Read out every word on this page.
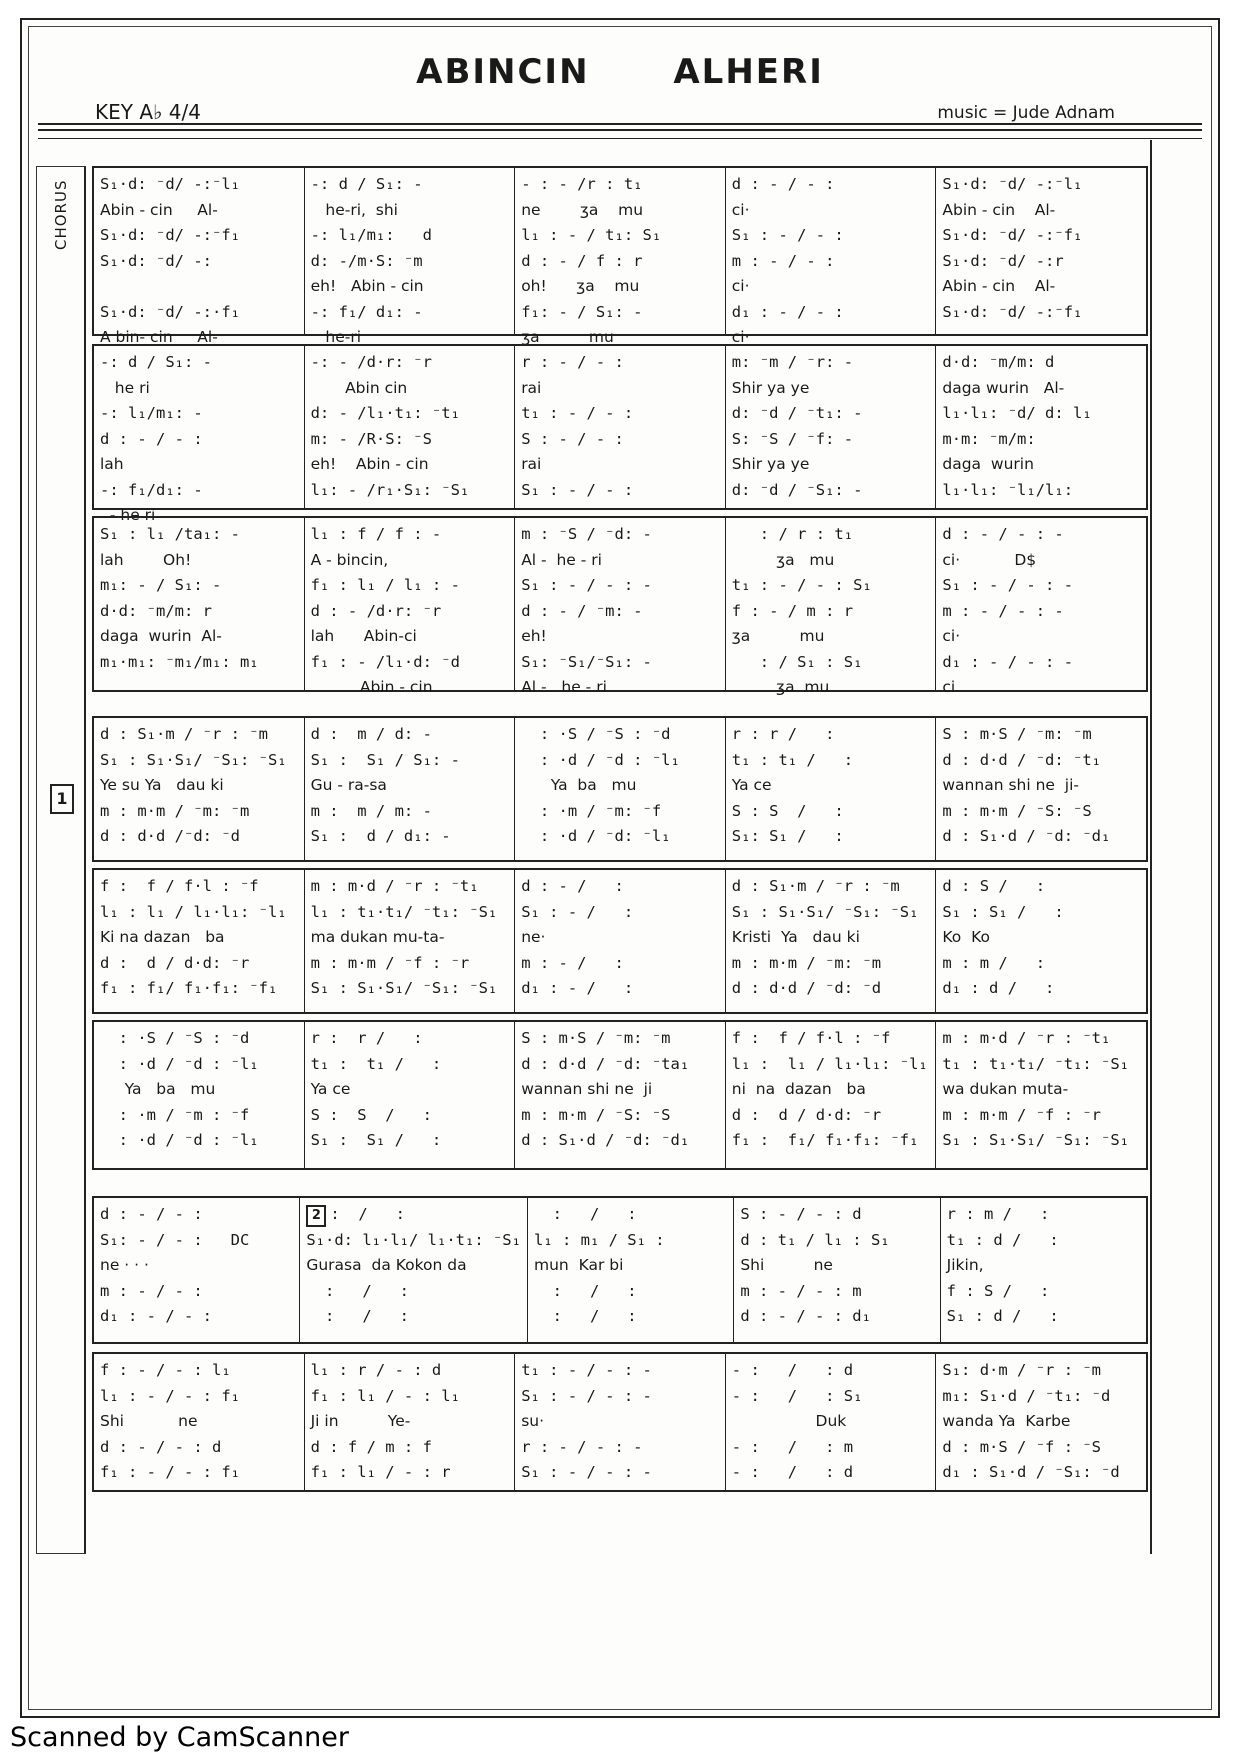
ABINCIN ALHERI
KEY A♭ 4/4	music = Jude Adnam
CHORUS
1
S₁·d: ⁻d/ -:⁻l₁
Abin - cin     Al-
S₁·d: ⁻d/ -:⁻f₁
S₁·d: ⁻d/ -:
S₁·d: ⁻d/ -:·f₁
A bin- cin     Al-
-: d / S₁: -
he-ri,  shi
-: l₁/m₁:   d
d: -/m·S: ⁻m
eh!   Abin - cin
-: f₁/ d₁: -
he-ri
- : - /r : t₁
ne        ʒa    mu
l₁ : - / t₁: S₁
d : - / f : r
oh!      ʒa    mu
f₁: - / S₁: -
ʒa          mu
d : - / - :
ci·
S₁ : - / - :
m : - / - :
ci·
d₁ : - / - :
ci·
S₁·d: ⁻d/ -:⁻l₁
Abin - cin    Al-
S₁·d: ⁻d/ -:⁻f₁
S₁·d: ⁻d/ -:r
Abin - cin    Al-
S₁·d: ⁻d/ -:⁻f₁
-: d / S₁: -
he ri
-: l₁/m₁: -
d : - / - :
lah
-: f₁/d₁: -
- he ri
-: - /d·r: ⁻r
Abin cin
d: - /l₁·t₁: ⁻t₁
m: - /R·S: ⁻S
eh!    Abin - cin
l₁: - /r₁·S₁: ⁻S₁
r : - / - :
rai
t₁ : - / - :
S : - / - :
rai
S₁ : - / - :
m: ⁻m / ⁻r: -
Shir ya ye
d: ⁻d / ⁻t₁: -
S: ⁻S / ⁻f: -
Shir ya ye
d: ⁻d / ⁻S₁: -
d·d: ⁻m/m: d
daga wurin   Al-
l₁·l₁: ⁻d/ d: l₁
m·m: ⁻m/m:
daga  wurin
l₁·l₁: ⁻l₁/l₁:
S₁ : l₁ /ta₁: -
lah        Oh!
m₁: - / S₁: -
d·d: ⁻m/m: r
daga  wurin  Al-
m₁·m₁: ⁻m₁/m₁: m₁
l₁ : f / f : -
A - bincin,
f₁ : l₁ / l₁ : -
d : - /d·r: ⁻r
lah      Abin-ci
f₁ : - /l₁·d: ⁻d
Abin - cin
m : ⁻S / ⁻d: -
Al -  he - ri
S₁ : - / - : -
d : - / ⁻m: -
eh!
S₁: ⁻S₁/⁻S₁: -
Al -   he - ri
: / r : t₁
ʒa   mu
t₁ : - / - : S₁
f : - / m : r
ʒa          mu
: / S₁ : S₁
ʒa  mu
d : - / - : -
ci·           D$
S₁ : - / - : -
m : - / - : -
ci·
d₁ : - / - : -
ci
d : S₁·m / ⁻r : ⁻m
S₁ : S₁·S₁/ ⁻S₁: ⁻S₁
Ye su Ya   dau ki
m : m·m / ⁻m: ⁻m
d : d·d /⁻d: ⁻d
d :  m / d: -
S₁ :  S₁ / S₁: -
Gu - ra-sa
m :  m / m: -
S₁ :  d / d₁: -
: ·S / ⁻S : ⁻d
: ·d / ⁻d : ⁻l₁
Ya  ba   mu
: ·m / ⁻m: ⁻f
: ·d / ⁻d: ⁻l₁
r : r /   :
t₁ : t₁ /   :
Ya ce
S : S  /   :
S₁: S₁ /   :
S : m·S / ⁻m: ⁻m
d : d·d / ⁻d: ⁻t₁
wannan shi ne  ji-
m : m·m / ⁻S: ⁻S
d : S₁·d / ⁻d: ⁻d₁
f :  f / f·l : ⁻f
l₁ : l₁ / l₁·l₁: ⁻l₁
Ki na dazan   ba
d :  d / d·d: ⁻r
f₁ : f₁/ f₁·f₁: ⁻f₁
m : m·d / ⁻r : ⁻t₁
l₁ : t₁·t₁/ ⁻t₁: ⁻S₁
ma dukan mu-ta-
m : m·m / ⁻f : ⁻r
S₁ : S₁·S₁/ ⁻S₁: ⁻S₁
d : - /   :
S₁ : - /   :
ne·
m : - /   :
d₁ : - /   :
d : S₁·m / ⁻r : ⁻m
S₁ : S₁·S₁/ ⁻S₁: ⁻S₁
Kristi  Ya   dau ki
m : m·m / ⁻m: ⁻m
d : d·d / ⁻d: ⁻d
d : S /   :
S₁ : S₁ /   :
Ko  Ko
m : m /   :
d₁ : d /   :
: ·S / ⁻S : ⁻d
: ·d / ⁻d : ⁻l₁
Ya   ba   mu
: ·m / ⁻m : ⁻f
: ·d / ⁻d : ⁻l₁
r :  r /   :
t₁ :  t₁ /   :
Ya ce
S :  S  /   :
S₁ :  S₁ /   :
S : m·S / ⁻m: ⁻m
d : d·d / ⁻d: ⁻ta₁
wannan shi ne  ji
m : m·m / ⁻S: ⁻S
d : S₁·d / ⁻d: ⁻d₁
f :  f / f·l : ⁻f
l₁ :  l₁ / l₁·l₁: ⁻l₁
ni  na  dazan   ba
d :  d / d·d: ⁻r
f₁ :  f₁/ f₁·f₁: ⁻f₁
m : m·d / ⁻r : ⁻t₁
t₁ : t₁·t₁/ ⁻t₁: ⁻S₁
wa dukan muta-
m : m·m / ⁻f : ⁻r
S₁ : S₁·S₁/ ⁻S₁: ⁻S₁
d : - / - :
S₁: - / - :   DC
ne · · ·
m : - / - :
d₁ : - / - :
2 :  /   :
S₁·d: l₁·l₁/ l₁·t₁: ⁻S₁
Gurasa  da Kokon da
:   /   :
:   /   :
:   /   :
l₁ : m₁ / S₁ :
mun  Kar bi
:   /   :
:   /   :
S : - / - : d
d : t₁ / l₁ : S₁
Shi          ne
m : - / - : m
d : - / - : d₁
r : m /   :
t₁ : d /   :
Jikin,
f : S /   :
S₁ : d /   :
f : - / - : l₁
l₁ : - / - : f₁
Shi           ne
d : - / - : d
f₁ : - / - : f₁
l₁ : r / - : d
f₁ : l₁ / - : l₁
Ji in          Ye-
d : f / m : f
f₁ : l₁ / - : r
t₁ : - / - : -
S₁ : - / - : -
su·
r : - / - : -
S₁ : - / - : -
- :   /   : d
- :   /   : S₁
Duk
- :   /   : m
- :   /   : d
S₁: d·m / ⁻r : ⁻m
m₁: S₁·d / ⁻t₁: ⁻d
wanda Ya  Karbe
d : m·S / ⁻f : ⁻S
d₁ : S₁·d / ⁻S₁: ⁻d
Scanned by CamScanner
